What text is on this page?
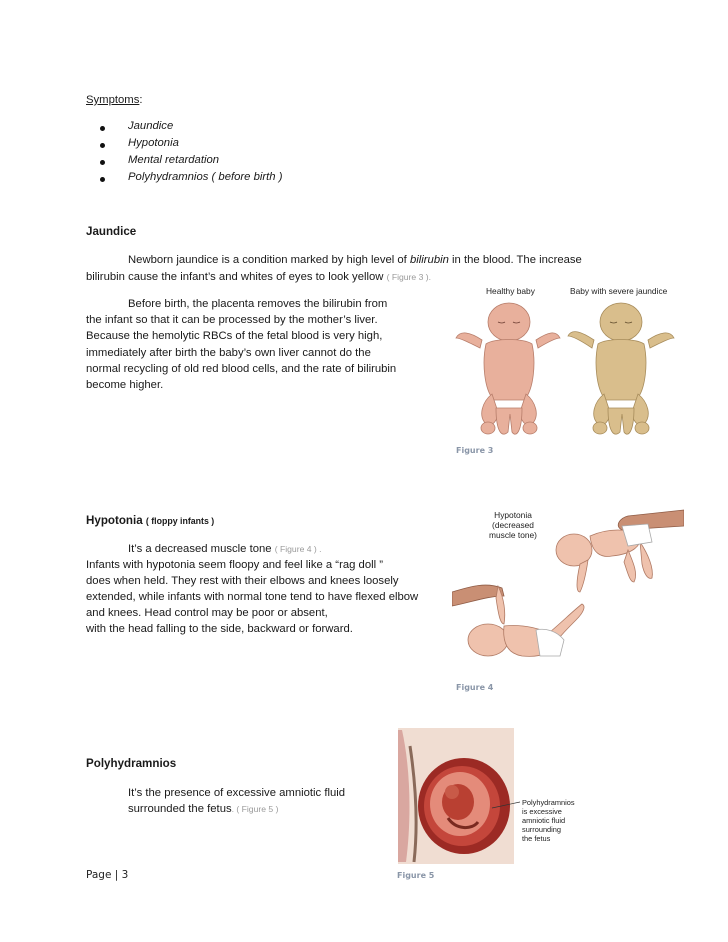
Symptoms:
Jaundice
Hypotonia
Mental retardation
Polyhydramnios ( before birth )
Jaundice
Newborn jaundice is a condition marked by high level of bilirubin in the blood. The increase
bilirubin cause the infant’s and whites of eyes to look yellow ( Figure 3 ).
Before birth, the placenta removes the bilirubin from
the infant so that it can be processed by the mother’s liver.
Because the hemolytic RBCs of the fetal blood is very high,
immediately after birth the baby’s own liver cannot do the
normal recycling of old red blood cells, and the rate of bilirubin
become higher.
Healthy baby	Baby with severe jaundice
Figure 3
Hypotonia ( floppy infants )
It’s a decreased muscle tone ( Figure 4 ) .
Infants with hypotonia seem floopy and feel like a “rag doll ”
does when held. They rest with their elbows and knees loosely
extended, while infants with normal tone tend to have flexed elbow
and knees. Head control may be poor or absent,
with the head falling to the side, backward or forward.
Hypotonia
(decreased
muscle tone)
Figure 4
Polyhydramnios
It’s the presence of excessive amniotic fluid
surrounded the fetus. ( Figure 5 )
Polyhydramnios
is excessive
amniotic fluid
surrounding
the fetus
Figure 5
Page | 3
